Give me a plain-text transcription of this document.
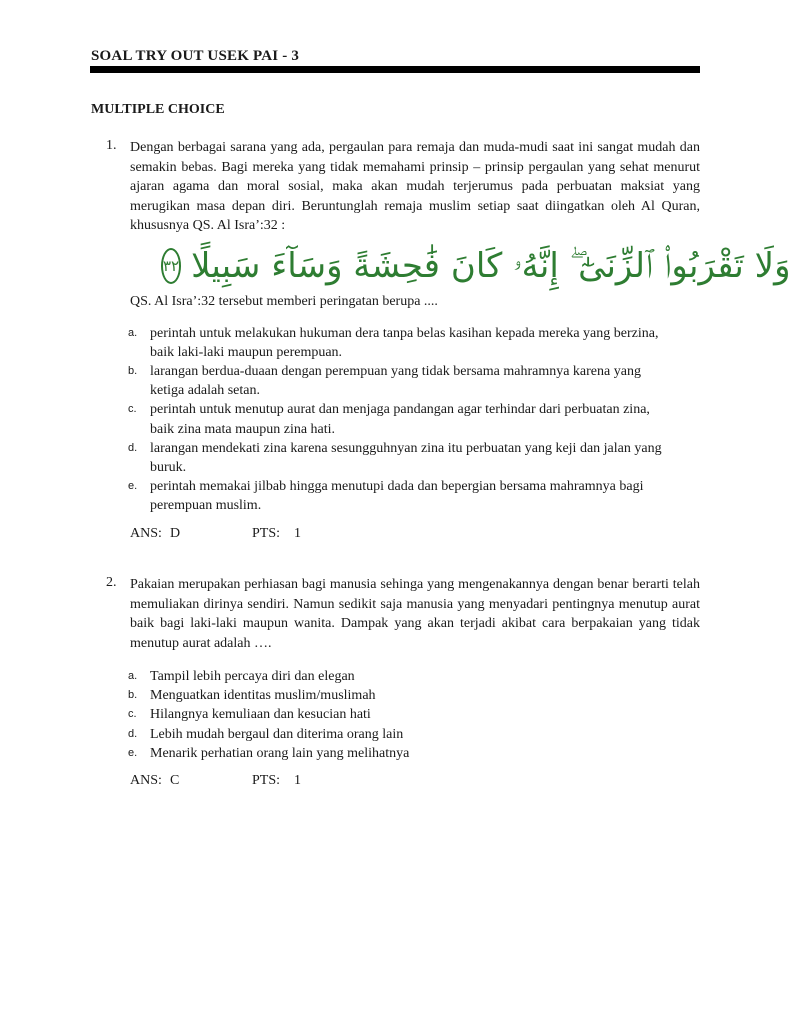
SOAL TRY OUT USEK PAI - 3
MULTIPLE CHOICE
1. Dengan berbagai sarana yang ada, pergaulan para remaja dan muda-mudi saat ini sangat mudah dan semakin bebas. Bagi mereka yang tidak memahami prinsip – prinsip pergaulan yang sehat menurut ajaran agama dan moral sosial, maka akan mudah terjerumus pada perbuatan maksiat yang merugikan masa depan diri. Beruntunglah remaja muslim setiap saat diingatkan oleh Al Quran, khususnya QS. Al Isra’:32 :
وَلَا تَقْرَبُوا۟ ٱلزِّنَىٰٓ ۖ إِنَّهُۥ كَانَ فَٰحِشَةً وَسَآءَ سَبِيلًا
٣٢
QS. Al Isra’:32 tersebut memberi peringatan berupa ....
a. perintah untuk melakukan hukuman dera tanpa belas kasihan kepada mereka yang berzina, baik laki-laki maupun perempuan.
b. larangan berdua-duaan dengan perempuan yang tidak bersama mahramnya karena yang ketiga adalah setan.
c. perintah untuk menutup aurat dan menjaga pandangan agar terhindar dari perbuatan zina, baik zina mata maupun zina hati.
d. larangan mendekati zina karena sesungguhnyan zina itu perbuatan yang keji dan jalan yang buruk.
e. perintah memakai jilbab hingga menutupi dada dan bepergian bersama mahramnya bagi perempuan muslim.
ANS: D	PTS: 1
2. Pakaian merupakan perhiasan bagi manusia sehinga yang mengenakannya dengan benar berarti telah memuliakan dirinya sendiri. Namun sedikit saja manusia yang menyadari pentingnya menutup aurat baik bagi laki-laki maupun wanita. Dampak yang akan terjadi akibat cara berpakaian yang tidak menutup aurat adalah ….
a. Tampil lebih percaya diri dan elegan
b. Menguatkan identitas muslim/muslimah
c. Hilangnya kemuliaan dan kesucian hati
d. Lebih mudah bergaul dan diterima orang lain
e. Menarik perhatian orang lain yang melihatnya
ANS: C	PTS: 1
